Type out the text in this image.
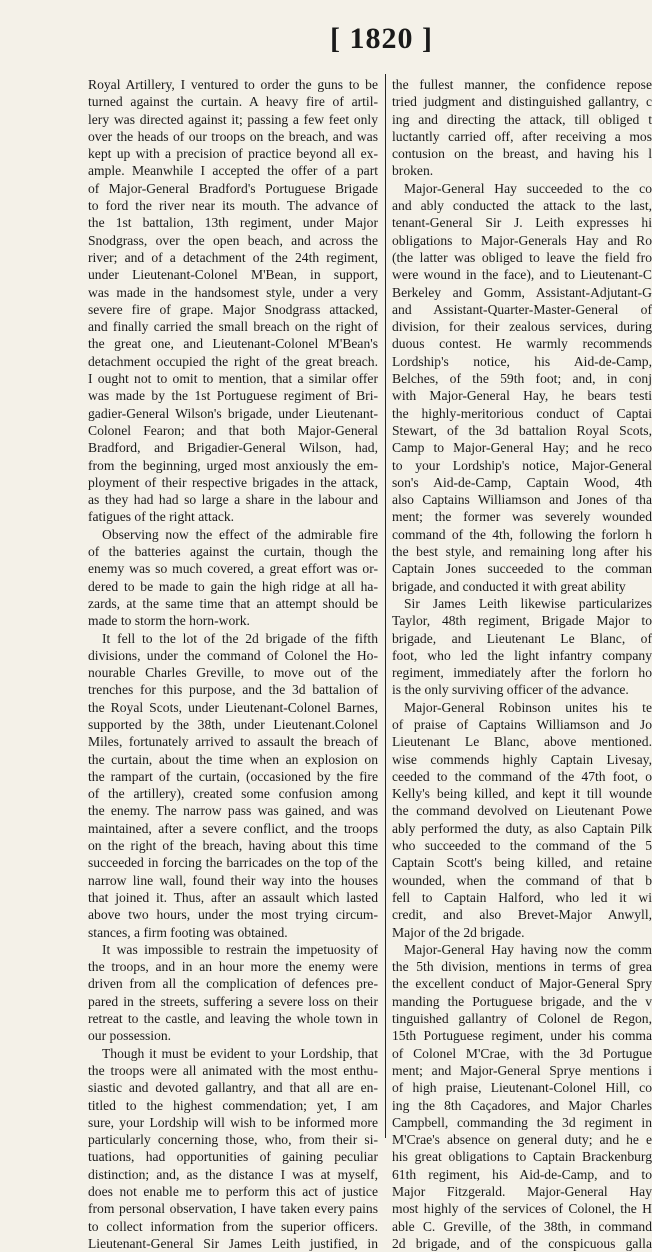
[ 1820 ]
Royal Artillery, I ventured to order the guns to be
turned against the curtain. A heavy fire of artil-
lery was directed against it; passing a few feet only
over the heads of our troops on the breach, and was
kept up with a precision of practice beyond all ex-
ample. Meanwhile I accepted the offer of a part
of Major-General Bradford's Portuguese Brigade
to ford the river near its mouth. The advance of
the 1st battalion, 13th regiment, under Major
Snodgrass, over the open beach, and across the
river; and of a detachment of the 24th regiment,
under Lieutenant-Colonel M'Bean, in support,
was made in the handsomest style, under a very
severe fire of grape. Major Snodgrass attacked,
and finally carried the small breach on the right of
the great one, and Lieutenant-Colonel M'Bean's
detachment occupied the right of the great breach.
I ought not to omit to mention, that a similar offer
was made by the 1st Portuguese regiment of Bri-
gadier-General Wilson's brigade, under Lieutenant-
Colonel Fearon; and that both Major-General
Bradford, and Brigadier-General Wilson, had,
from the beginning, urged most anxiously the em-
ployment of their respective brigades in the attack,
as they had had so large a share in the labour and
fatigues of the right attack.
Observing now the effect of the admirable fire
of the batteries against the curtain, though the
enemy was so much covered, a great effort was or-
dered to be made to gain the high ridge at all ha-
zards, at the same time that an attempt should be
made to storm the horn-work.
It fell to the lot of the 2d brigade of the fifth
divisions, under the command of Colonel the Ho-
nourable Charles Greville, to move out of the
trenches for this purpose, and the 3d battalion of
the Royal Scots, under Lieutenant-Colonel Barnes,
supported by the 38th, under Lieutenant.Colonel
Miles, fortunately arrived to assault the breach of
the curtain, about the time when an explosion on
the rampart of the curtain, (occasioned by the fire
of the artillery), created some confusion among
the enemy. The narrow pass was gained, and was
maintained, after a severe conflict, and the troops
on the right of the breach, having about this time
succeeded in forcing the barricades on the top of the
narrow line wall, found their way into the houses
that joined it. Thus, after an assault which lasted
above two hours, under the most trying circum-
stances, a firm footing was obtained.
It was impossible to restrain the impetuosity of
the troops, and in an hour more the enemy were
driven from all the complication of defences pre-
pared in the streets, suffering a severe loss on their
retreat to the castle, and leaving the whole town in
our possession.
Though it must be evident to your Lordship, that
the troops were all animated with the most enthu-
siastic and devoted gallantry, and that all are en-
titled to the highest commendation; yet, I am
sure, your Lordship will wish to be informed more
particularly concerning those, who, from their si-
tuations, had opportunities of gaining peculiar
distinction; and, as the distance I was at myself,
does not enable me to perform this act of justice
from personal observation, I have taken every pains
to collect information from the superior officers.
Lieutenant-General Sir James Leith justified, in
the fullest manner, the confidence repose
tried judgment and distinguished gallantry, c
ing and directing the attack, till obliged t
luctantly carried off, after receiving a mos
contusion on the breast, and having his l
broken.
Major-General Hay succeeded to the co
and ably conducted the attack to the last,
tenant-General Sir J. Leith expresses hi
obligations to Major-Generals Hay and Ro
(the latter was obliged to leave the field fro
were wound in the face), and to Lieutenant-C
Berkeley and Gomm, Assistant-Adjutant-G
and Assistant-Quarter-Master-General of
division, for their zealous services, during
duous contest. He warmly recommends
Lordship's notice, his Aid-de-Camp,
Belches, of the 59th foot; and, in conj
with Major-General Hay, he bears testi
the highly-meritorious conduct of Captai
Stewart, of the 3d battalion Royal Scots,
Camp to Major-General Hay; and he reco
to your Lordship's notice, Major-General
son's Aid-de-Camp, Captain Wood, 4th
also Captains Williamson and Jones of tha
ment; the former was severely wounded
command of the 4th, following the forlorn h
the best style, and remaining long after his
Captain Jones succeeded to the comman
brigade, and conducted it with great ability
Sir James Leith likewise particularizes
Taylor, 48th regiment, Brigade Major to
brigade, and Lieutenant Le Blanc, of
foot, who led the light infantry company
regiment, immediately after the forlorn ho
is the only surviving officer of the advance.
Major-General Robinson unites his te
of praise of Captains Williamson and Jo
Lieutenant Le Blanc, above mentioned.
wise commends highly Captain Livesay,
ceeded to the command of the 47th foot, o
Kelly's being killed, and kept it till wounde
the command devolved on Lieutenant Powe
ably performed the duty, as also Captain Pilk
who succeeded to the command of the 5
Captain Scott's being killed, and retaine
wounded, when the command of that b
fell to Captain Halford, who led it wi
credit, and also Brevet-Major Anwyll,
Major of the 2d brigade.
Major-General Hay having now the comm
the 5th division, mentions in terms of grea
the excellent conduct of Major-General Spry
manding the Portuguese brigade, and the v
tinguished gallantry of Colonel de Regon,
15th Portuguese regiment, under his comma
of Colonel M'Crae, with the 3d Portugue
ment; and Major-General Sprye mentions i
of high praise, Lieutenant-Colonel Hill, co
ing the 8th Caçadores, and Major Charles
Campbell, commanding the 3d regiment in
M'Crae's absence on general duty; and he e
his great obligations to Captain Brackenburg
61th regiment, his Aid-de-Camp, and to
Major Fitzgerald. Major-General Hay
most highly of the services of Colonel, the H
able C. Greville, of the 38th, in command
2d brigade, and of the conspicuous galla
